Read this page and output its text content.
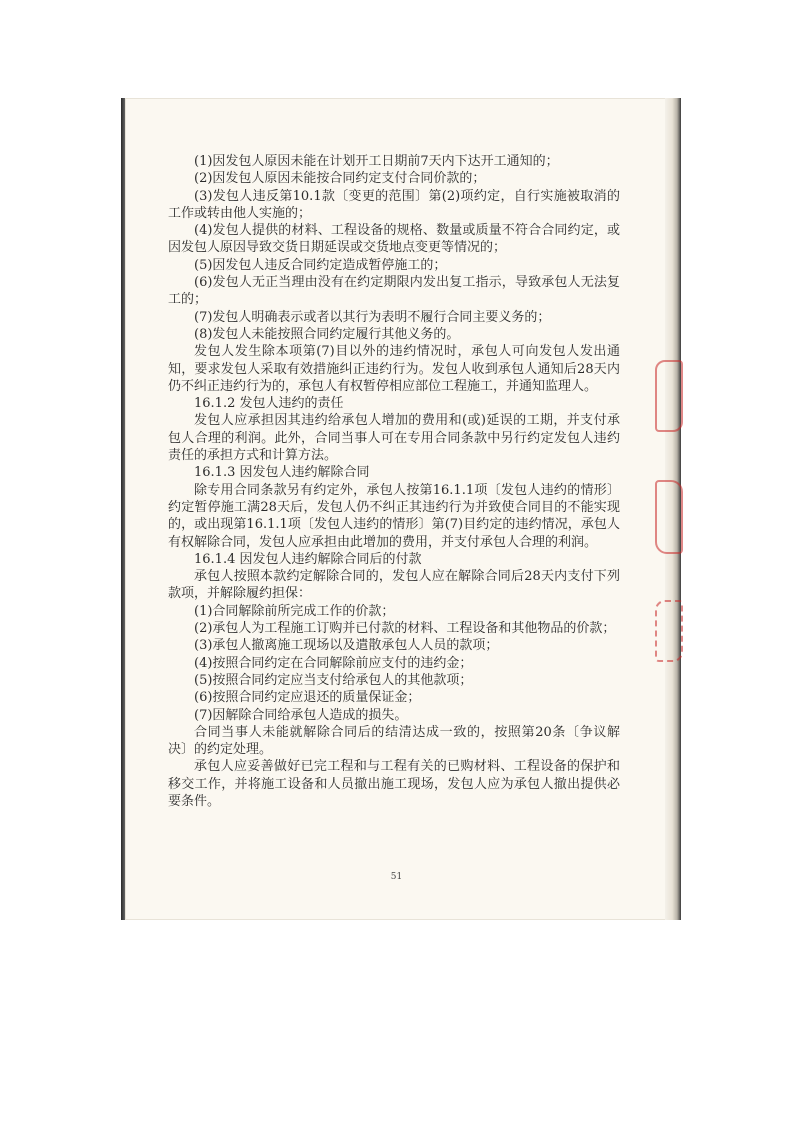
(1)因发包人原因未能在计划开工日期前7天内下达开工通知的；

(2)因发包人原因未能按合同约定支付合同价款的；

(3)发包人违反第10.1款〔变更的范围〕第(2)项约定，自行实施被取消的工作或转由他人实施的；

(4)发包人提供的材料、工程设备的规格、数量或质量不符合合同约定，或因发包人原因导致交货日期延误或交货地点变更等情况的；

(5)因发包人违反合同约定造成暂停施工的；

(6)发包人无正当理由没有在约定期限内发出复工指示，导致承包人无法复工的；

(7)发包人明确表示或者以其行为表明不履行合同主要义务的；

(8)发包人未能按照合同约定履行其他义务的。

发包人发生除本项第(7)目以外的违约情况时，承包人可向发包人发出通知，要求发包人采取有效措施纠正违约行为。发包人收到承包人通知后28天内仍不纠正违约行为的，承包人有权暂停相应部位工程施工，并通知监理人。

16.1.2 发包人违约的责任

发包人应承担因其违约给承包人增加的费用和(或)延误的工期，并支付承包人合理的利润。此外，合同当事人可在专用合同条款中另行约定发包人违约责任的承担方式和计算方法。

16.1.3 因发包人违约解除合同

除专用合同条款另有约定外，承包人按第16.1.1项〔发包人违约的情形〕约定暂停施工满28天后，发包人仍不纠正其违约行为并致使合同目的不能实现的，或出现第16.1.1项〔发包人违约的情形〕第(7)目约定的违约情况，承包人有权解除合同，发包人应承担由此增加的费用，并支付承包人合理的利润。

16.1.4 因发包人违约解除合同后的付款

承包人按照本款约定解除合同的，发包人应在解除合同后28天内支付下列款项，并解除履约担保：

(1)合同解除前所完成工作的价款；

(2)承包人为工程施工订购并已付款的材料、工程设备和其他物品的价款；

(3)承包人撤离施工现场以及遣散承包人人员的款项；

(4)按照合同约定在合同解除前应支付的违约金；

(5)按照合同约定应当支付给承包人的其他款项；

(6)按照合同约定应退还的质量保证金；

(7)因解除合同给承包人造成的损失。

合同当事人未能就解除合同后的结清达成一致的，按照第20条〔争议解决〕的约定处理。

承包人应妥善做好已完工程和与工程有关的已购材料、工程设备的保护和移交工作，并将施工设备和人员撤出施工现场，发包人应为承包人撤出提供必要条件。

51
